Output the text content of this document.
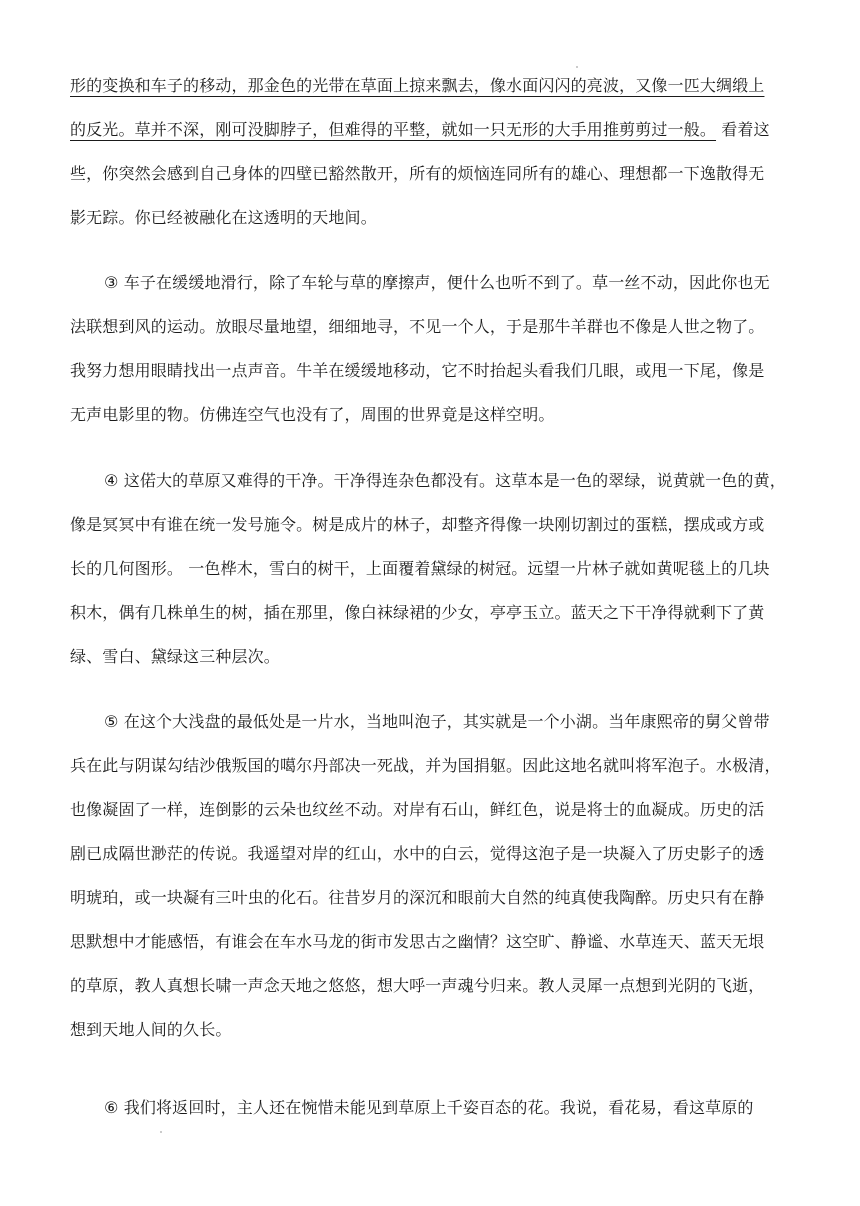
形的变换和车子的移动，那金色的光带在草面上掠来飘去，像水面闪闪的亮波，又像一匹大绸缎上
的反光。草并不深，刚可没脚脖子，但难得的平整，就如一只无形的大手用推剪剪过一般。 看着这
些，你突然会感到自己身体的四壁已豁然散开，所有的烦恼连同所有的雄心、理想都一下逸散得无
影无踪。你已经被融化在这透明的天地间。
③ 车子在缓缓地滑行，除了车轮与草的摩擦声，便什么也听不到了。草一丝不动，因此你也无
法联想到风的运动。放眼尽量地望，细细地寻，不见一个人，于是那牛羊群也不像是人世之物了。
我努力想用眼睛找出一点声音。牛羊在缓缓地移动，它不时抬起头看我们几眼，或甩一下尾，像是
无声电影里的物。仿佛连空气也没有了，周围的世界竟是这样空明。
④ 这偌大的草原又难得的干净。干净得连杂色都没有。这草本是一色的翠绿，说黄就一色的黄，
像是冥冥中有谁在统一发号施令。树是成片的林子，却整齐得像一块刚切割过的蛋糕，摆成或方或
长的几何图形。 一色桦木，雪白的树干，上面覆着黛绿的树冠。远望一片林子就如黄呢毯上的几块
积木，偶有几株单生的树，插在那里，像白袜绿裙的少女，亭亭玉立。蓝天之下干净得就剩下了黄
绿、雪白、黛绿这三种层次。
⑤ 在这个大浅盘的最低处是一片水，当地叫泡子，其实就是一个小湖。当年康熙帝的舅父曾带
兵在此与阴谋勾结沙俄叛国的噶尔丹部决一死战，并为国捐躯。因此这地名就叫将军泡子。水极清，
也像凝固了一样，连倒影的云朵也纹丝不动。对岸有石山，鲜红色，说是将士的血凝成。历史的活
剧已成隔世渺茫的传说。我遥望对岸的红山，水中的白云，觉得这泡子是一块凝入了历史影子的透
明琥珀，或一块凝有三叶虫的化石。往昔岁月的深沉和眼前大自然的纯真使我陶醉。历史只有在静
思默想中才能感悟，有谁会在车水马龙的街市发思古之幽情？这空旷、静谧、水草连天、蓝天无垠
的草原，教人真想长啸一声念天地之悠悠，想大呼一声魂兮归来。教人灵犀一点想到光阴的飞逝，
想到天地人间的久长。
⑥ 我们将返回时，主人还在惋惜未能见到草原上千姿百态的花。我说，看花易，看这草原的
